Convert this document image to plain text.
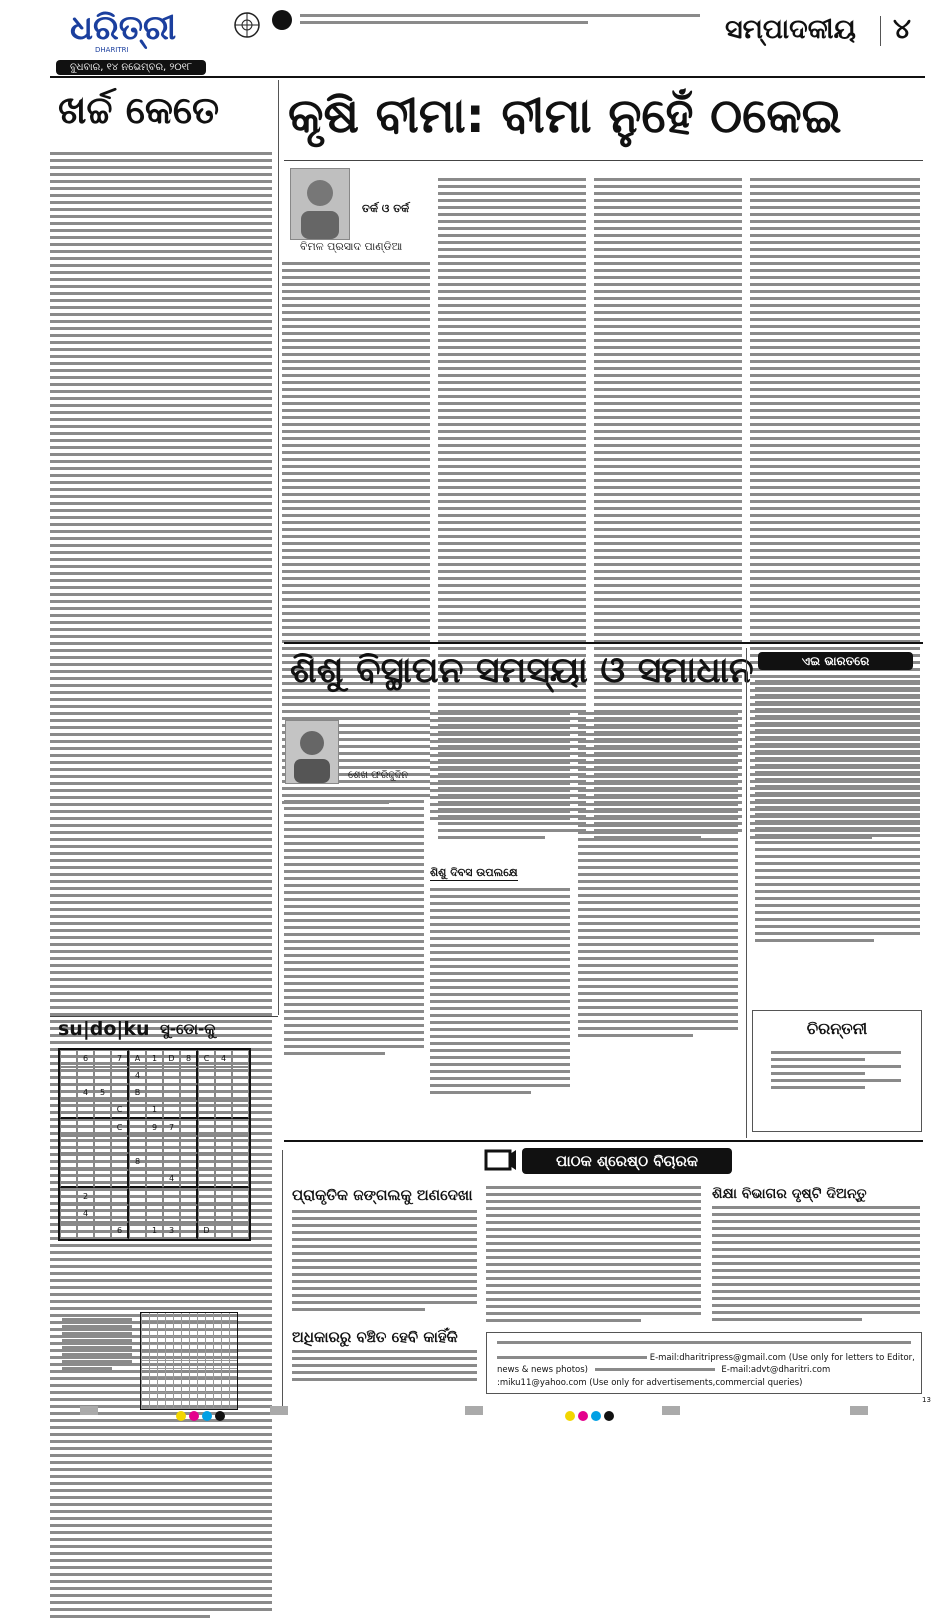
ଧରିତ୍ରୀ
DHARITRI
ସମ୍ପାଦକୀୟ ୪
ବୁଧବାର, ୧୪ ନଭେମ୍ବର, ୨୦୧୮
ଖର୍ଚ୍ଚ କେତେ କୃଷି ବୀମା: ବୀମା ନୁହେଁ ଠକେଇ
ତର୍କ ଓ ତର୍କ
ବିମଳ ପ୍ରସାଦ ପାଣ୍ଡିଆ
ଶିଶୁ ବିସ୍ଥାପନ ସମସ୍ୟା ଓ ସମାଧାନ	ଏଇ ଭାରତରେ
ଶେଖ ଫରିଦ୍ଦୁଦ୍ଦିନ
ଶିଶୁ ଦିବସ ଉପଲକ୍ଷେ
ଚିରନ୍ତନୀ
su|do|ku ସୁ-ଡୋ-କୁ
	6		7	A	1	D	8	C	4	
				4						
	4	5		B						
			C		1					
			C		9	7				

				8						
						4				
	2									
	4									
			6		1	3		D		
ପାଠକ ଶ୍ରେଷ୍ଠ ବିଚାରକ
ପ୍ରାକୃତିକ ଜଙ୍ଗଲକୁ ଅଣଦେଖା
ଅଧିକାରରୁ ବଞ୍ଚିତ ହେବି କାହିଁକି
ଶିକ୍ଷା ବିଭାଗର ଦୃଷ୍ଟି ଦିଅନ୍ତୁ
E-mail:dharitripress@gmail.com (Use only for letters to Editor,
news & news photos)	E-mail:advt@dharitri.com
:miku11@yahoo.com (Use only for advertisements,commercial queries)
13
